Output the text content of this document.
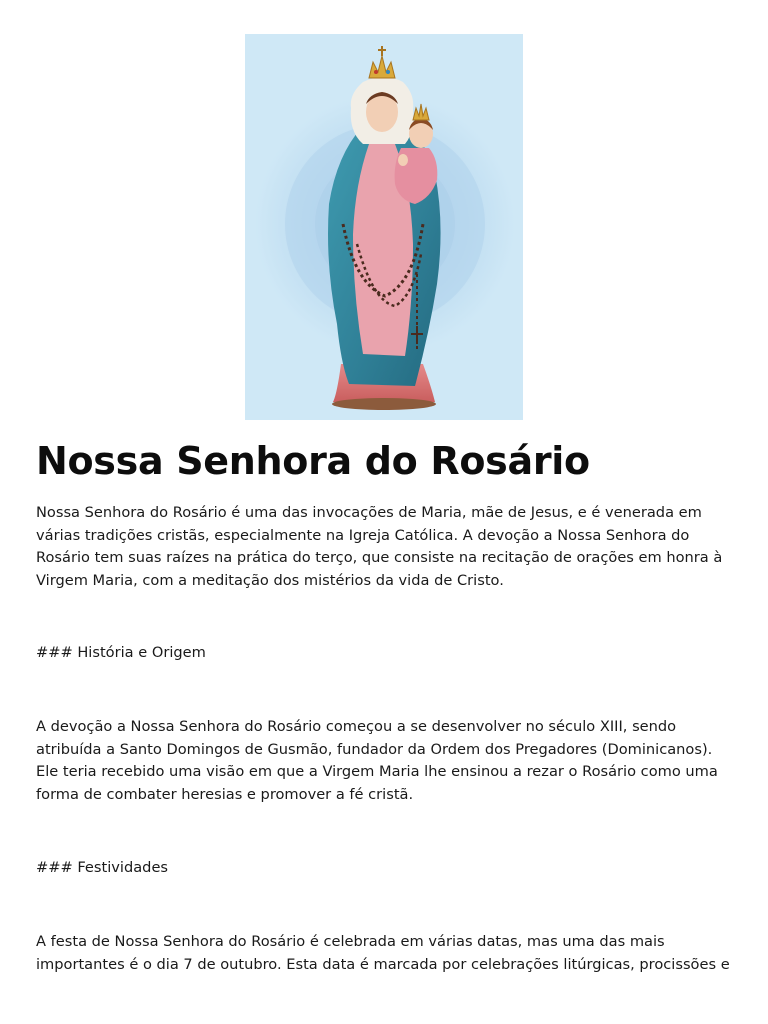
Nossa Senhora do Rosário

Nossa Senhora do Rosário é uma das invocações de Maria, mãe de Jesus, e é venerada em várias tradições cristãs, especialmente na Igreja Católica. A devoção a Nossa Senhora do Rosário tem suas raízes na prática do terço, que consiste na recitação de orações em honra à Virgem Maria, com a meditação dos mistérios da vida de Cristo.

### História e Origem

A devoção a Nossa Senhora do Rosário começou a se desenvolver no século XIII, sendo atribuída a Santo Domingos de Gusmão, fundador da Ordem dos Pregadores (Dominicanos). Ele teria recebido uma visão em que a Virgem Maria lhe ensinou a rezar o Rosário como uma forma de combater heresias e promover a fé cristã.

### Festividades

A festa de Nossa Senhora do Rosário é celebrada em várias datas, mas uma das mais importantes é o dia 7 de outubro. Esta data é marcada por celebrações litúrgicas, procissões e
